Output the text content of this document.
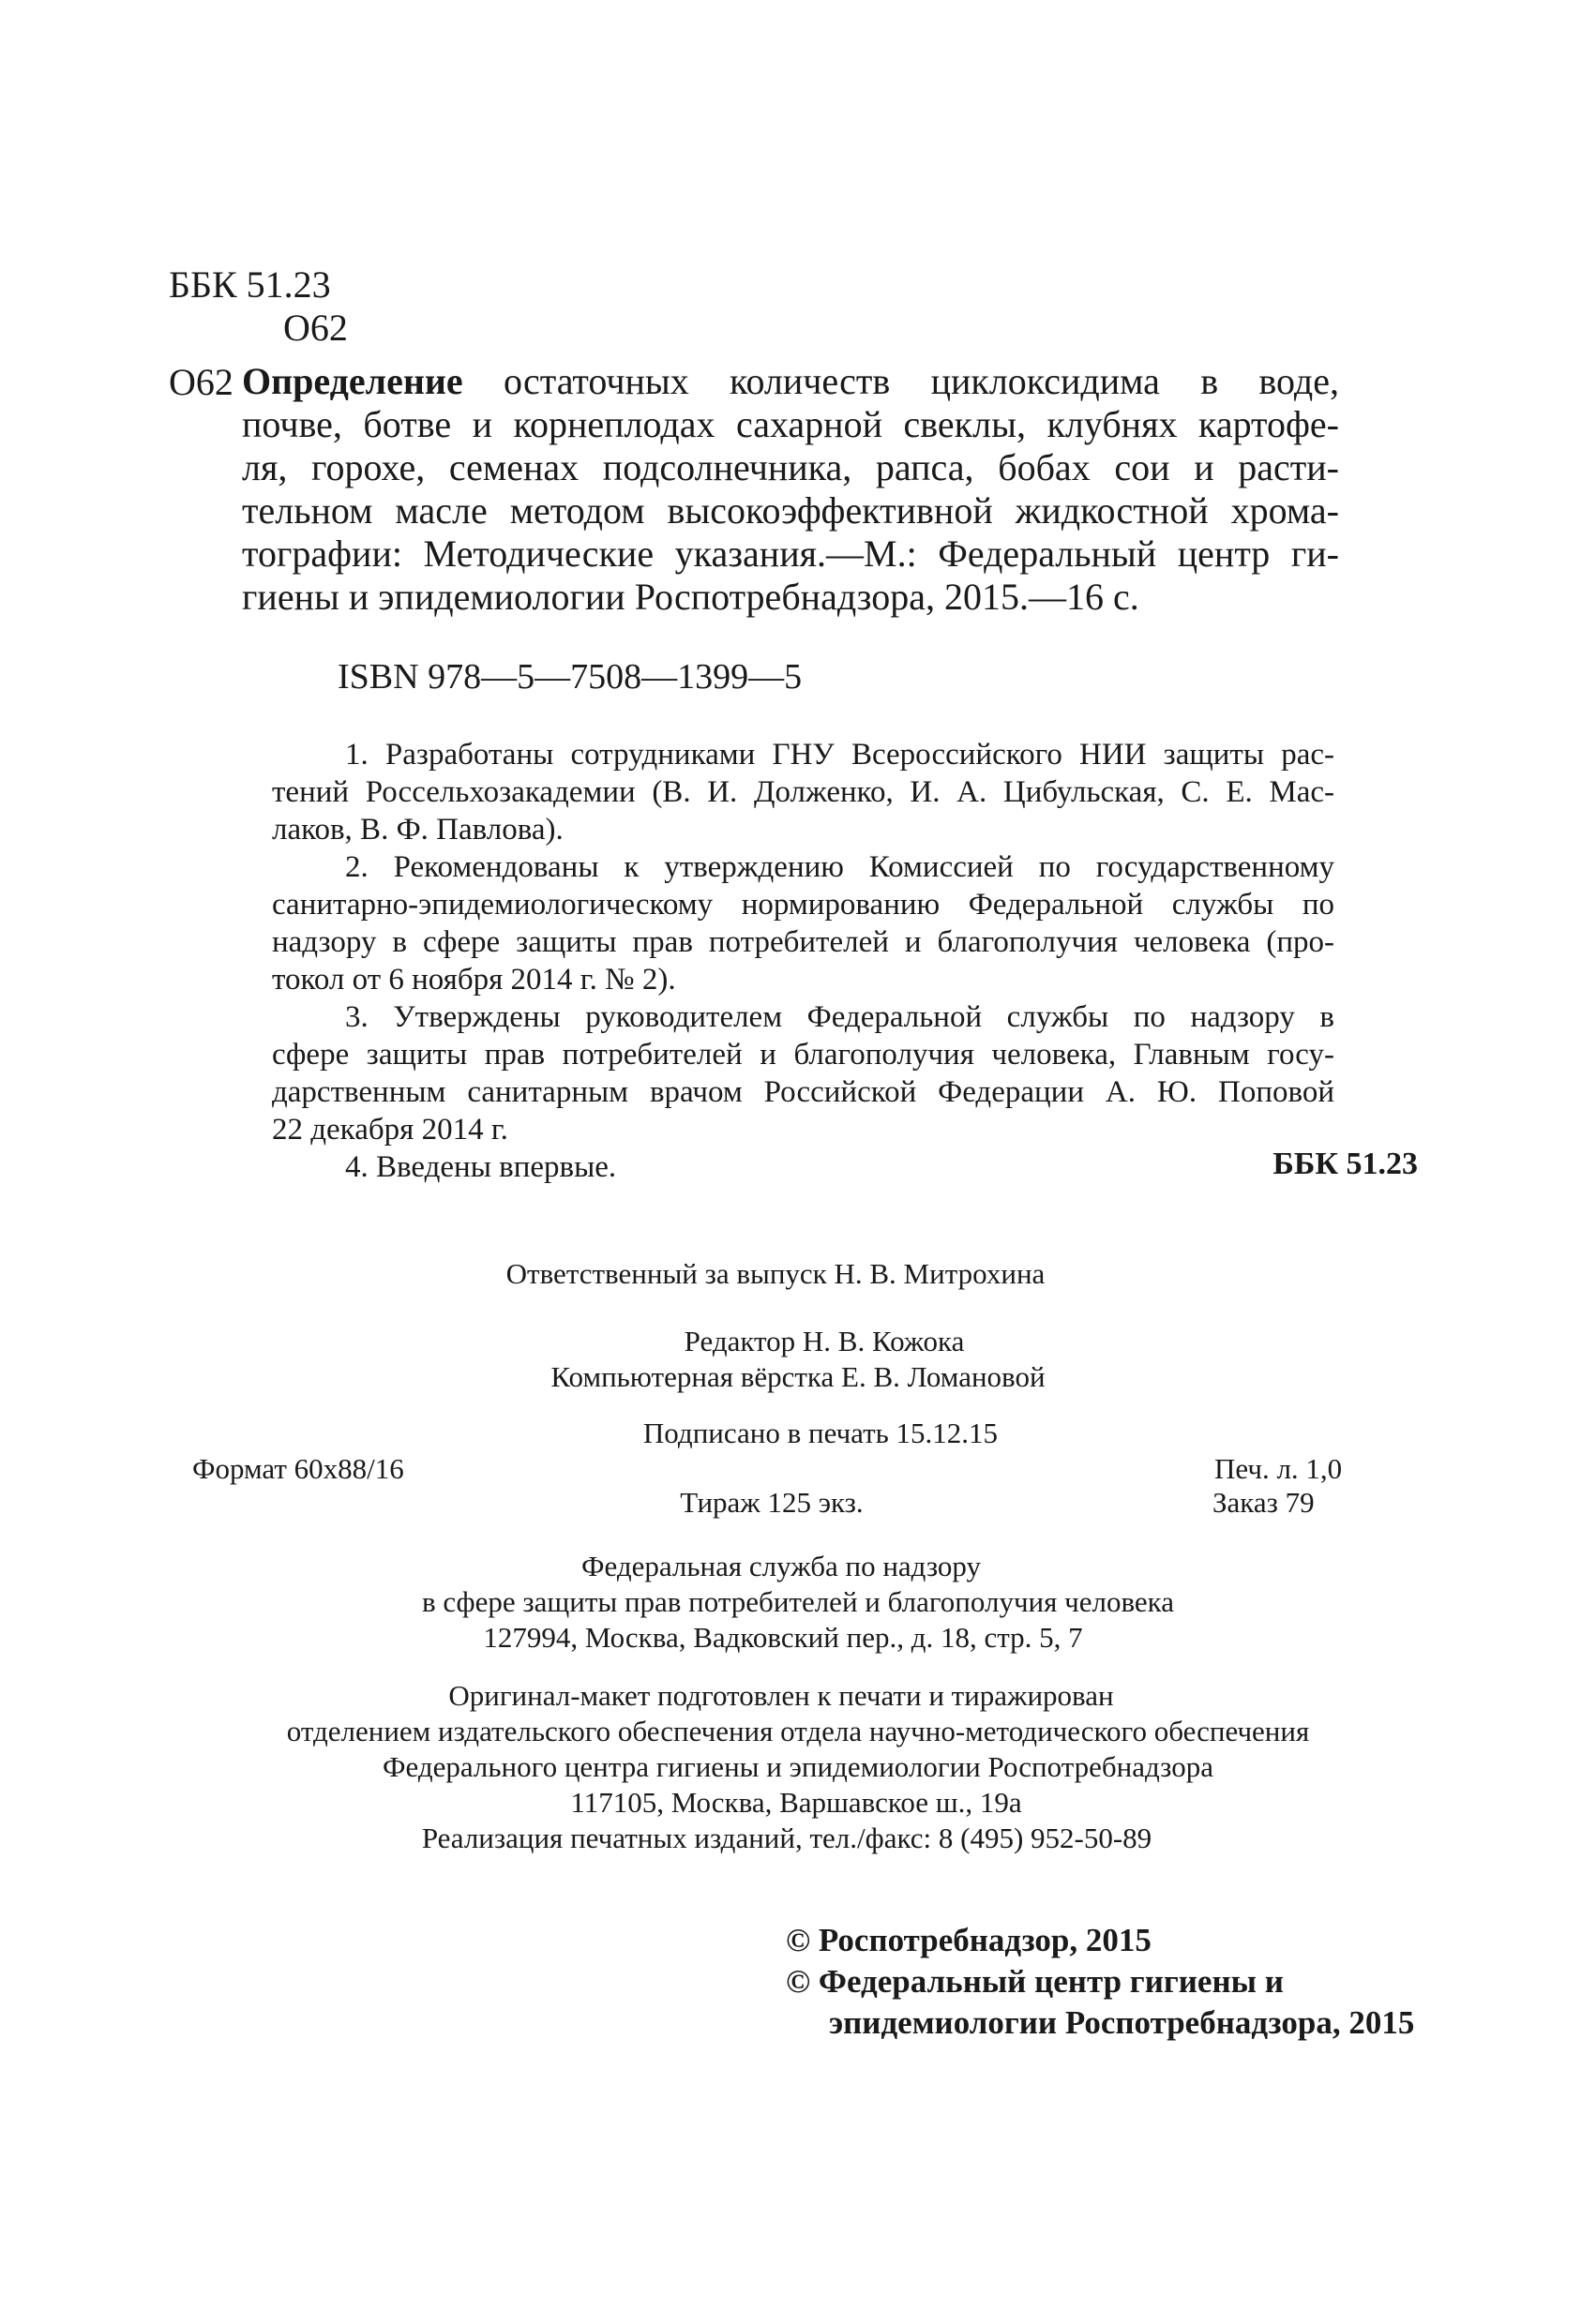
ББК 51.23
О62
О62 Определение остаточных количеств циклоксидима в воде,
почве, ботве и корнеплодах сахарной свеклы, клубнях картофе-
ля, горохе, семенах подсолнечника, рапса, бобах сои и расти-
тельном масле методом высокоэффективной жидкостной хрома-
тографии: Методические указания.—М.: Федеральный центр ги-
гиены и эпидемиологии Роспотребнадзора, 2015.—16 с.
ISBN 978—5—7508—1399—5
1. Разработаны сотрудниками ГНУ Всероссийского НИИ защиты рас-
тений Россельхозакадемии (В. И. Долженко, И. А. Цибульская, С. Е. Мас-
лаков, В. Ф. Павлова).
2. Рекомендованы к утверждению Комиссией по государственному
санитарно-эпидемиологическому нормированию Федеральной службы по
надзору в сфере защиты прав потребителей и благополучия человека (про-
токол от 6 ноября 2014 г. № 2).
3. Утверждены руководителем Федеральной службы по надзору в
сфере защиты прав потребителей и благополучия человека, Главным госу-
дарственным санитарным врачом Российской Федерации А. Ю. Поповой
22 декабря 2014 г.
4. Введены впервые.	ББК 51.23
Ответственный за выпуск Н. В. Митрохина
Редактор Н. В. Кожока
Компьютерная вёрстка Е. В. Ломановой
Подписано в печать 15.12.15
Формат 60x88/16	Печ. л. 1,0
Тираж 125 экз.	Заказ 79
Федеральная служба по надзору
в сфере защиты прав потребителей и благополучия человека
127994, Москва, Вадковский пер., д. 18, стр. 5, 7
Оригинал-макет подготовлен к печати и тиражирован
отделением издательского обеспечения отдела научно-методического обеспечения
Федерального центра гигиены и эпидемиологии Роспотребнадзора
117105, Москва, Варшавское ш., 19а
Реализация печатных изданий, тел./факс: 8 (495) 952-50-89
© Роспотребнадзор, 2015
© Федеральный центр гигиены и
эпидемиологии Роспотребнадзора, 2015
